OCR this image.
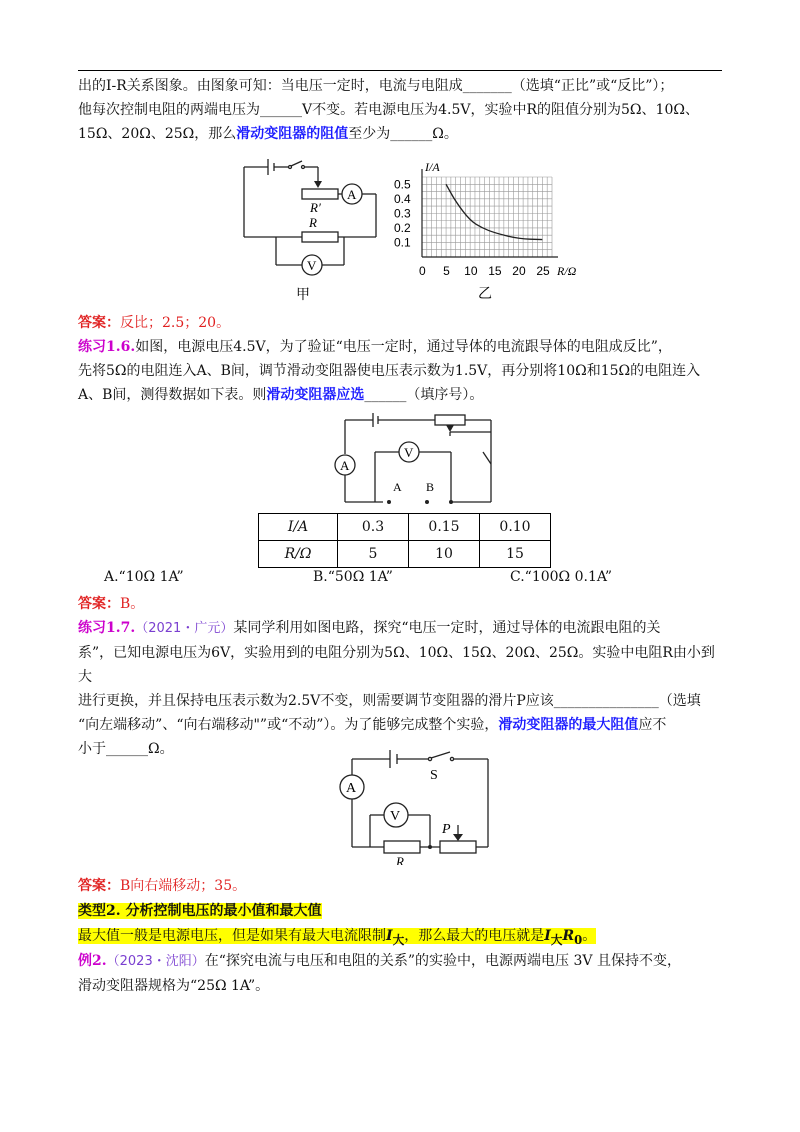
出的I-R关系图象。由图象可知：当电压一定时，电流与电阻成_______（选填“正比”或“反比”）；
他每次控制电阻的两端电压为______V不变。若电源电压为4.5V，实验中R的阻值分别为5Ω、10Ω、
15Ω、20Ω、25Ω，那么滑动变阻器的阻值至少为______Ω。
A
V
R′
R
甲
0 5 10 15 20 25
0.1
0.2
0.3
0.4
0.5
I/A
R/Ω
乙
答案：反比；2.5；20。
练习1.6.如图，电源电压4.5V，为了验证“电压一定时，通过导体的电流跟导体的电阻成反比”，
先将5Ω的电阻连入A、B间，调节滑动变阻器使电压表示数为1.5V，再分别将10Ω和15Ω的电阻连入
A、B间，测得数据如下表。则滑动变阻器应选______（填序号）。
A
V
A B
I/A	0.3	0.15	0.10
R/Ω	5	10	15
A.“10Ω 1A”	B.“50Ω 1A”	C.“100Ω 0.1A”
答案：B。
练习1.7.（2021・广元）某同学利用如图电路，探究“电压一定时，通过导体的电流跟电阻的关
系”，已知电源电压为6V，实验用到的电阻分别为5Ω、10Ω、15Ω、20Ω、25Ω。实验中电阻R由小到大
进行更换，并且保持电压表示数为2.5V不变，则需要调节变阻器的滑片P应该_______________（选填
“向左端移动”、“向右端移动"”或“不动”）。为了能够完成整个实验，滑动变阻器的最大阻值应不
小于______Ω。
A
V
S
P
R
答案：B向右端移动；35。
类型2. 分析控制电压的最小值和最大值
最大值一般是电源电压，但是如果有最大电流限制$I_大$，那么最大的电压就是$I_大R_0$。
例2.（2023・沈阳）在“探究电流与电压和电阻的关系”的实验中，电源两端电压 3V 且保持不变，
滑动变阻器规格为“25Ω 1A”。
